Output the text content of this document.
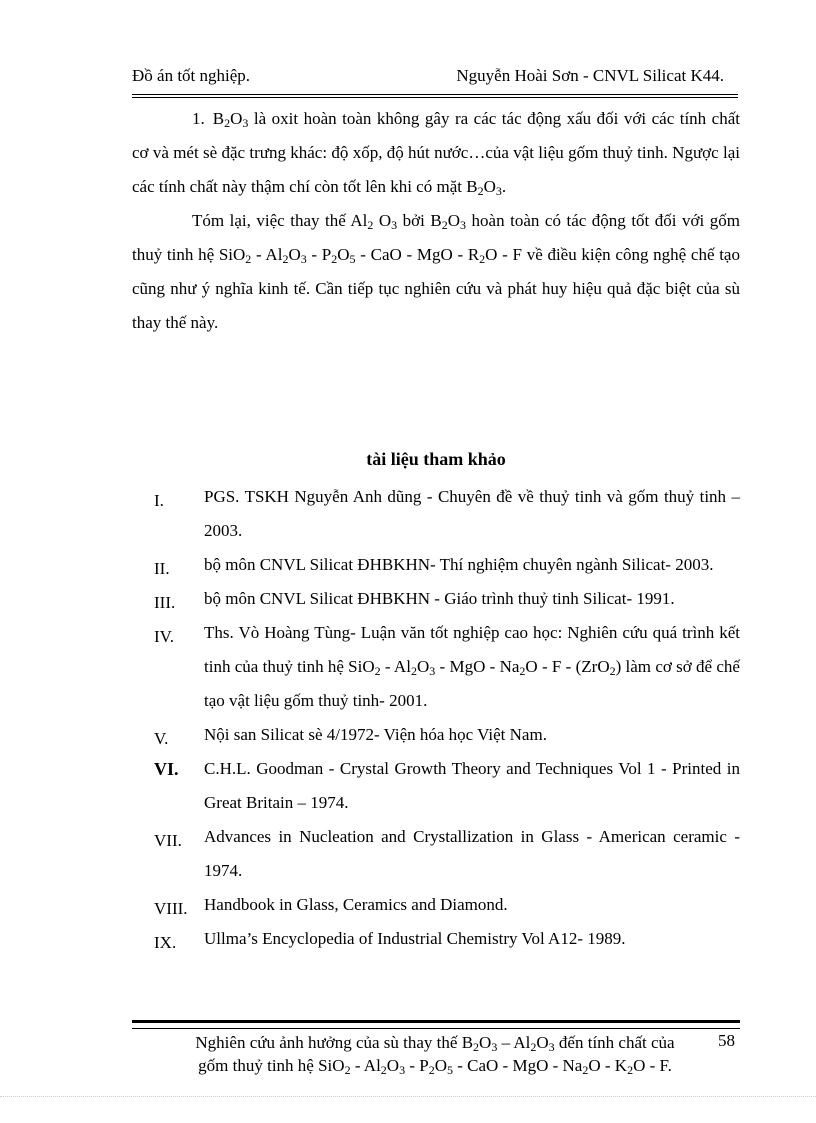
Đồ án tốt nghiệp.	Nguyễn Hoài Sơn - CNVL Silicat K44.

1. $B_2O_3$ là oxit hoàn toàn không gây ra các tác động xấu đối với các tính chất cơ và mét sè đặc trưng khác: độ xốp, độ hút nước…của vật liệu gốm thuỷ tinh. Ngược lại các tính chất này thậm chí còn tốt lên khi có mặt $B_2O_3$.

Tóm lại, việc thay thế $Al_2$ $O_3$ bởi $B_2O_3$ hoàn toàn có tác động tốt đối với gốm thuỷ tinh hệ $SiO_2 - Al_2O_3 - P_2O_5$ - CaO - MgO - $R_2O$ - F về điều kiện công nghệ chế tạo cũng như ý nghĩa kinh tế. Cần tiếp tục nghiên cứu và phát huy hiệu quả đặc biệt của sù thay thế này.

tài liệu tham khảo
I.	PGS. TSKH Nguyễn Anh dũng - Chuyên đề về thuỷ tinh và gốm thuỷ tinh – 2003.
II.	bộ môn CNVL Silicat ĐHBKHN- Thí nghiệm chuyên ngành Silicat- 2003.
III.	bộ môn CNVL Silicat ĐHBKHN - Giáo trình thuỷ tinh Silicat- 1991.
IV.	Ths. Vò Hoàng Tùng- Luận văn tốt nghiệp cao học: Nghiên cứu quá trình kết tinh của thuỷ tinh hệ $SiO_2 - Al_2O_3$ - MgO - $Na_2O$ - F - (ZrO$_2$) làm cơ sở để chế tạo vật liệu gốm thuỷ tinh- 2001.
V.	Nội san Silicat sè 4/1972- Viện hóa học Việt Nam.
VI.	C.H.L. Goodman - Crystal Growth Theory and Techniques Vol 1 - Printed in Great Britain – 1974.
VII.	Advances in Nucleation and Crystallization in Glass - American ceramic - 1974.
VIII. Handbook in Glass, Ceramics and Diamond.
IX.	Ullma’s Encyclopedia of Industrial Chemistry Vol A12- 1989.
Nghiên cứu ảnh hưởng của sù thay thế $B_2O_3 - Al_2O_3$ đến tính chất của
gốm thuỷ tinh hệ $SiO_2 - Al_2O_3 - P_2O_5$ - CaO - MgO - $Na_2O - K_2O$ - F.
58
